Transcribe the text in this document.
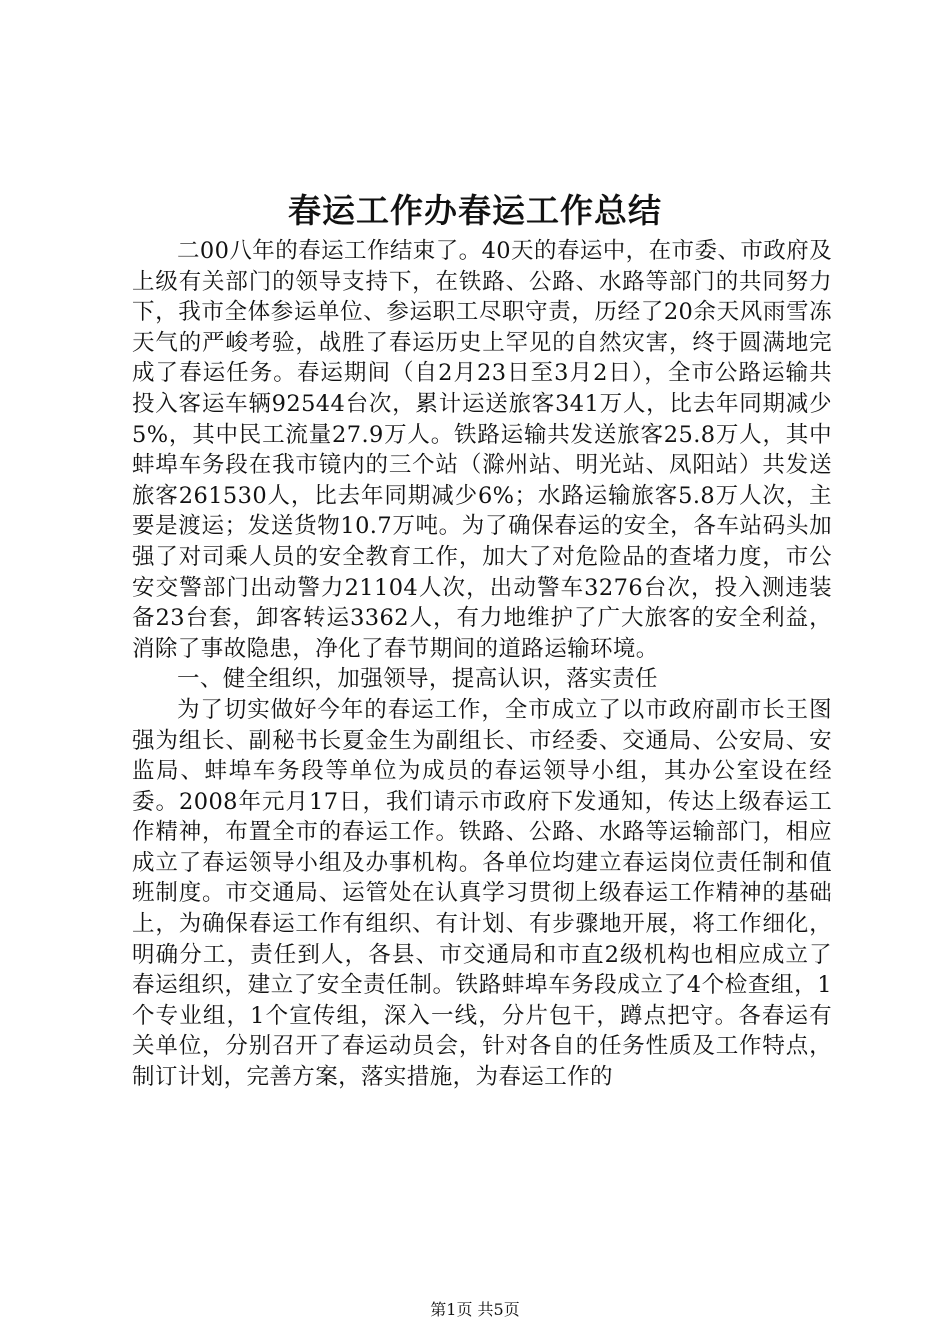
春运工作办春运工作总结

二00八年的春运工作结束了。40天的春运中，在市委、市政府及上级有关部门的领导支持下，在铁路、公路、水路等部门的共同努力下，我市全体参运单位、参运职工尽职守责，历经了20余天风雨雪冻天气的严峻考验，战胜了春运历史上罕见的自然灾害，终于圆满地完成了春运任务。春运期间（自2月23日至3月2日），全市公路运输共投入客运车辆92544台次，累计运送旅客341万人，比去年同期减少5%，其中民工流量27.9万人。铁路运输共发送旅客25.8万人，其中蚌埠车务段在我市镜内的三个站（滁州站、明光站、凤阳站）共发送旅客261530人，比去年同期减少6%；水路运输旅客5.8万人次，主要是渡运；发送货物10.7万吨。为了确保春运的安全，各车站码头加强了对司乘人员的安全教育工作，加大了对危险品的查堵力度，市公安交警部门出动警力21104人次，出动警车3276台次，投入测违装备23台套，卸客转运3362人，有力地维护了广大旅客的安全利益，消除了事故隐患，净化了春节期间的道路运输环境。

一、健全组织，加强领导，提高认识，落实责任

为了切实做好今年的春运工作，全市成立了以市政府副市长王图强为组长、副秘书长夏金生为副组长、市经委、交通局、公安局、安监局、蚌埠车务段等单位为成员的春运领导小组，其办公室设在经委。2008年元月17日，我们请示市政府下发通知，传达上级春运工作精神，布置全市的春运工作。铁路、公路、水路等运输部门，相应成立了春运领导小组及办事机构。各单位均建立春运岗位责任制和值班制度。市交通局、运管处在认真学习贯彻上级春运工作精神的基础上，为确保春运工作有组织、有计划、有步骤地开展，将工作细化，明确分工，责任到人，各县、市交通局和市直2级机构也相应成立了春运组织，建立了安全责任制。铁路蚌埠车务段成立了4个检查组，1个专业组，1个宣传组，深入一线，分片包干，蹲点把守。各春运有关单位，分别召开了春运动员会，针对各自的任务性质及工作特点，制订计划，完善方案，落实措施，为春运工作的

第1页 共5页
